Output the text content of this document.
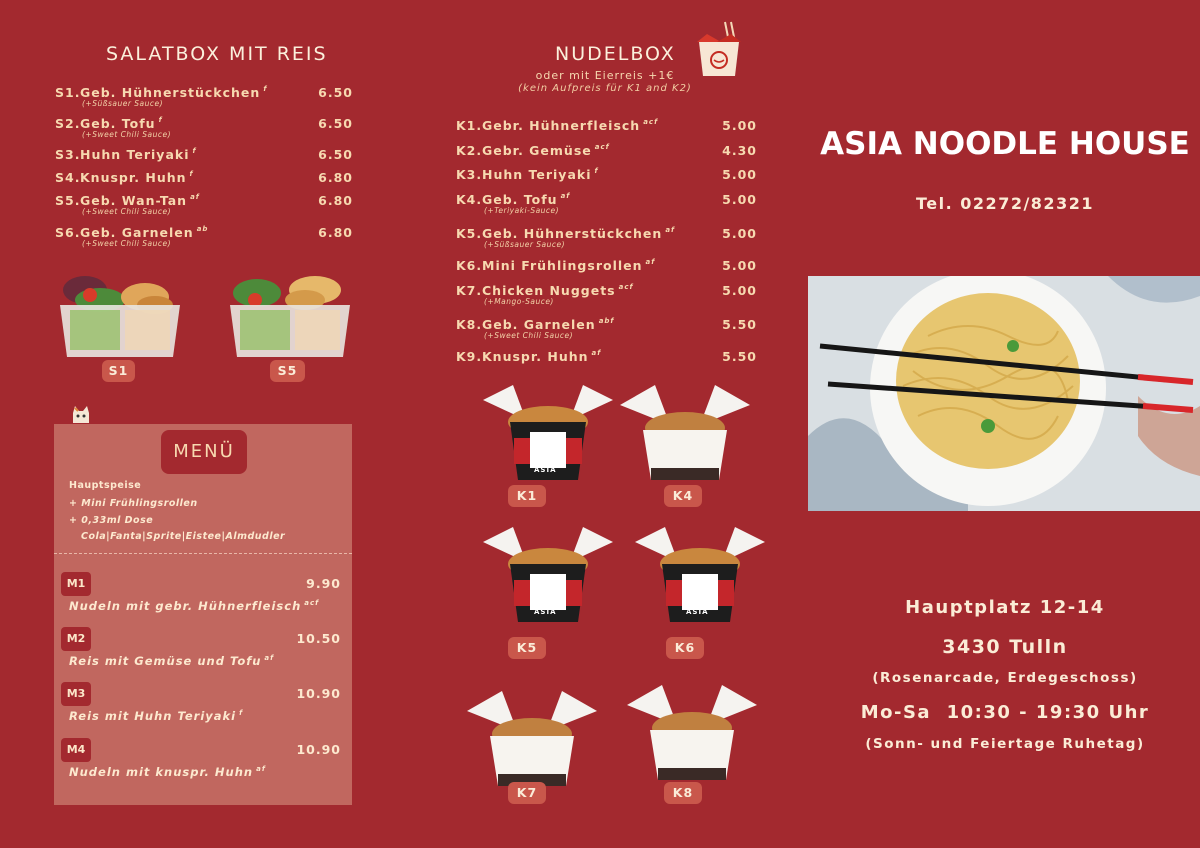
SALATBOX MIT REIS
S1. Geb. Hühnerstückchen $^f$	6.50
(+Süßsauer Sauce)
S2. Geb. Tofu $^f$	6.50
(+Sweet Chili Sauce)
S3. Huhn Teriyaki $^f$	6.50
S4. Knuspr. Huhn $^f$	6.80
S5. Geb. Wan-Tan $^{af}$	6.80
(+Sweet Chili Sauce)
S6. Geb. Garnelen $^{ab}$	6.80
(+Sweet Chili Sauce)
S1	S5
MENÜ
Hauptspeise
+ Mini Frühlingsrollen
+ 0,33ml Dose
Cola|Fanta|Sprite|Eistee|Almdudler
M1	9.90
Nudeln mit gebr. Hühnerfleisch $^{acf}$
M2	10.50
Reis mit Gemüse und Tofu $^{af}$
M3	10.90
Reis mit Huhn Teriyaki $^f$
M4	10.90
Nudeln mit knuspr. Huhn $^{af}$
NUDELBOX
oder mit Eierreis +1€
(kein Aufpreis für K1 and K2)
K1. Gebr. Hühnerfleisch $^{acf}$	5.00
K2. Gebr. Gemüse $^{acf}$	4.30
K3. Huhn Teriyaki $^f$	5.00
K4. Geb. Tofu $^{af}$	5.00
(+Teriyaki-Sauce)
K5. Geb. Hühnerstückchen $^{af}$	5.00
(+Süßsauer Sauce)
K6. Mini Frühlingsrollen $^{af}$	5.00
K7. Chicken Nuggets $^{acf}$	5.00
(+Mango-Sauce)
K8. Geb. Garnelen $^{abf}$	5.50
(+Sweet Chili Sauce)
K9. Knuspr. Huhn $^{af}$	5.50
ASIA
K1	K4
ASIA
K5
ASIA
K6
K7	K8
ASIA NOODLE HOUSE
Tel. 02272/82321
Hauptplatz 12-14
3430 Tulln
(Rosenarcade, Erdegeschoss)
Mo-Sa  10:30 - 19:30 Uhr
(Sonn- und Feiertage Ruhetag)
